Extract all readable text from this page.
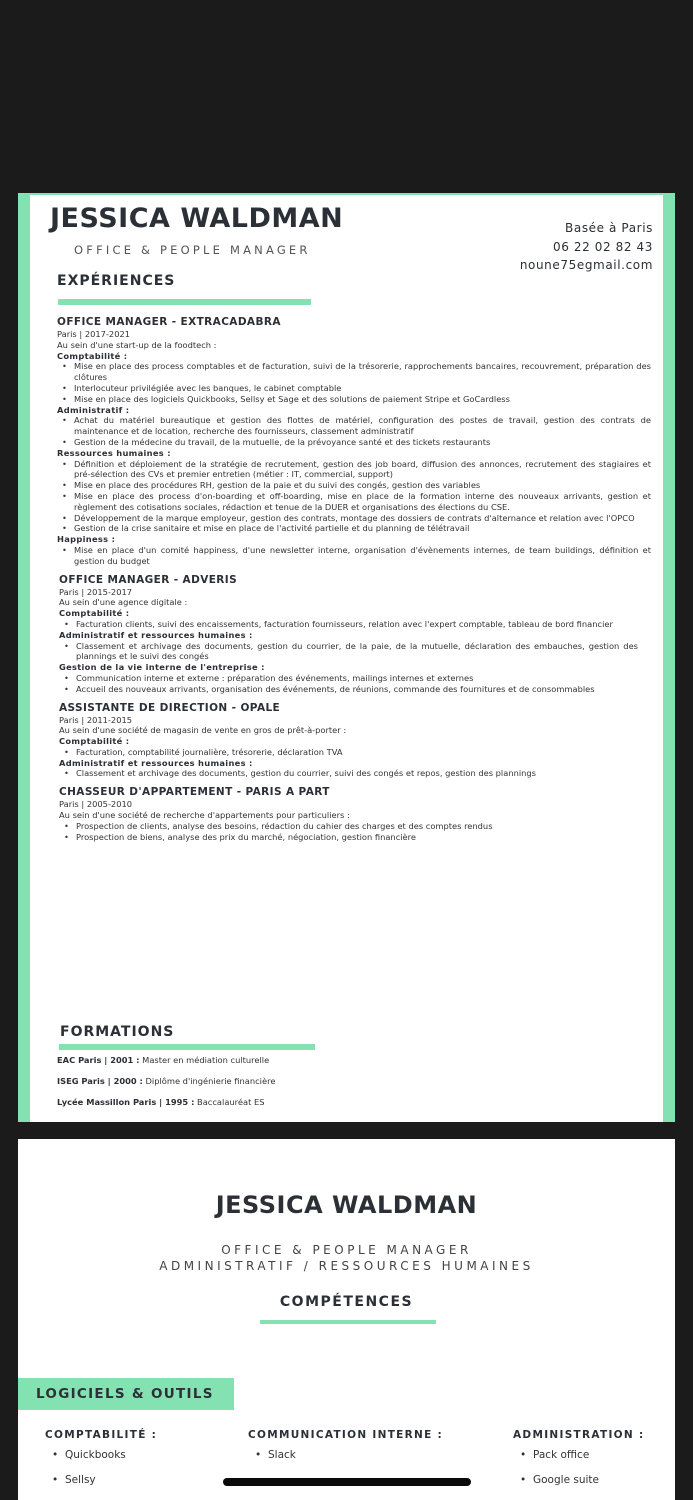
JESSICA WALDMAN
OFFICE & PEOPLE MANAGER
Basée à Paris
06 22 02 82 43
noune75egmail.com
EXPÉRIENCES
OFFICE MANAGER - EXTRACADABRA
Paris | 2017-2021
Au sein d'une start-up de la foodtech :
Comptabilité :
• Mise en place des process comptables et de facturation, suivi de la trésorerie, rapprochements bancaires, recouvrement, préparation des clôtures
• Interlocuteur privilégiée avec les banques, le cabinet comptable
• Mise en place des logiciels Quickbooks, Sellsy et Sage et des solutions de paiement Stripe et GoCardless
Administratif :
• Achat du matériel bureautique et gestion des flottes de matériel, configuration des postes de travail, gestion des contrats de maintenance et de location, recherche des fournisseurs, classement administratif
• Gestion de la médecine du travail, de la mutuelle, de la prévoyance santé et des tickets restaurants
Ressources humaines :
• Définition et déploiement de la stratégie de recrutement, gestion des job board, diffusion des annonces, recrutement des stagiaires et pré-sélection des CVs et premier entretien (métier : IT, commercial, support)
• Mise en place des procédures RH, gestion de la paie et du suivi des congés, gestion des variables
• Mise en place des process d'on-boarding et off-boarding, mise en place de la formation interne des nouveaux arrivants, gestion et règlement des cotisations sociales, rédaction et tenue de la DUER et organisations des élections du CSE.
• Développement de la marque employeur, gestion des contrats, montage des dossiers de contrats d'alternance et relation avec l'OPCO
• Gestion de la crise sanitaire et mise en place de l'activité partielle et du planning de télétravail
Happiness :
• Mise en place d'un comité happiness, d'une newsletter interne, organisation d'évènements internes, de team buildings, définition et gestion du budget
OFFICE MANAGER - ADVERIS
Paris | 2015-2017
Au sein d'une agence digitale :
Comptabilité :
• Facturation clients, suivi des encaissements, facturation fournisseurs, relation avec l'expert comptable, tableau de bord financier
Administratif et ressources humaines :
• Classement et archivage des documents, gestion du courrier, de la paie, de la mutuelle, déclaration des embauches, gestion des plannings et le suivi des congés
Gestion de la vie interne de l'entreprise :
• Communication interne et externe : préparation des événements, mailings internes et externes
• Accueil des nouveaux arrivants, organisation des événements, de réunions, commande des fournitures et de consommables
ASSISTANTE DE DIRECTION - OPALE
Paris | 2011-2015
Au sein d'une société de magasin de vente en gros de prêt-à-porter :
Comptabilité :
• Facturation, comptabilité journalière, trésorerie, déclaration TVA
Administratif et ressources humaines :
• Classement et archivage des documents, gestion du courrier, suivi des congés et repos, gestion des plannings
CHASSEUR D'APPARTEMENT - PARIS A PART
Paris | 2005-2010
Au sein d'une société de recherche d'appartements pour particuliers :
• Prospection de clients, analyse des besoins, rédaction du cahier des charges et des comptes rendus
• Prospection de biens, analyse des prix du marché, négociation, gestion financière
FORMATIONS
EAC Paris | 2001 : Master en médiation culturelle
ISEG Paris | 2000 : Diplôme d'ingénierie financière
Lycée Massillon Paris | 1995 : Baccalauréat ES
JESSICA WALDMAN
OFFICE & PEOPLE MANAGER
ADMINISTRATIF / RESSOURCES HUMAINES
COMPÉTENCES
LOGICIELS & OUTILS
COMPTABILITÉ :
• Quickbooks
• Sellsy
COMMUNICATION INTERNE :
• Slack
ADMINISTRATION :
• Pack office
• Google suite
